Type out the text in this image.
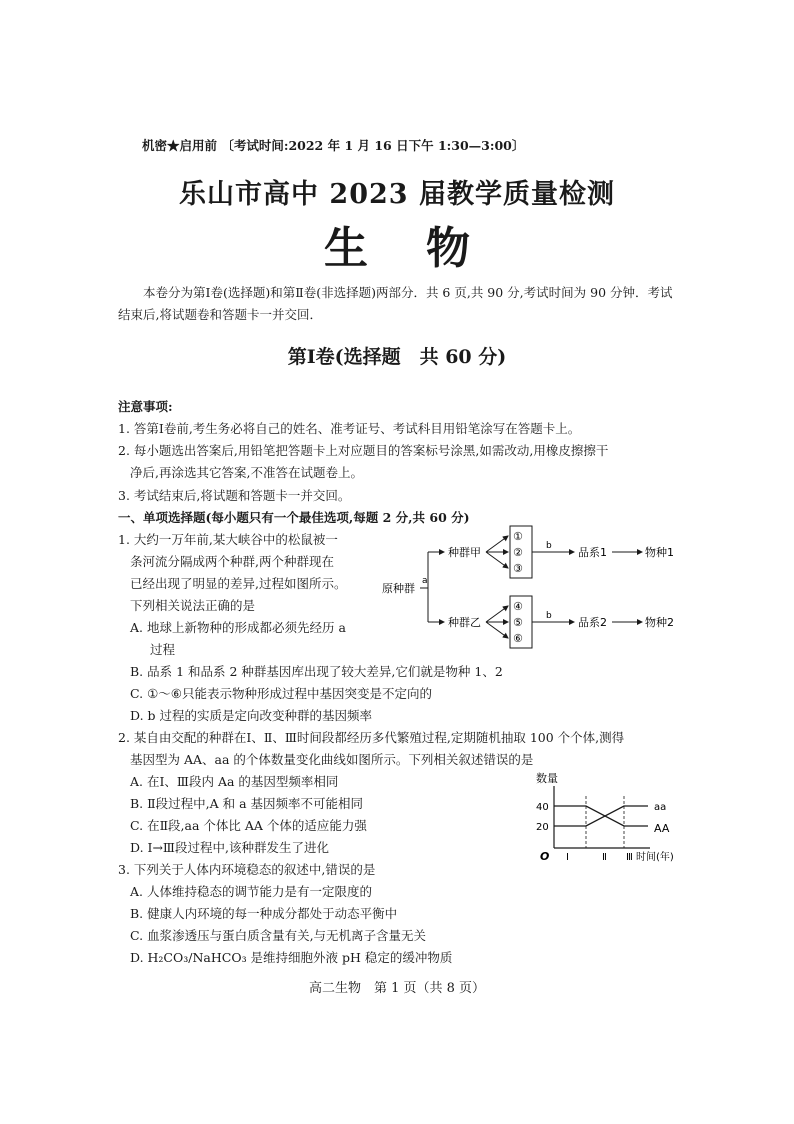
机密★启用前 〔考试时间:2022 年 1 月 16 日下午 1:30—3:00〕
乐山市高中 2023 届教学质量检测
生物
本卷分为第Ⅰ卷(选择题)和第Ⅱ卷(非选择题)两部分．共 6 页,共 90 分,考试时间为 90 分钟．考试结束后,将试题卷和答题卡一并交回．
第Ⅰ卷(选择题　共 60 分)
注意事项:
1. 答第Ⅰ卷前,考生务必将自己的姓名、准考证号、考试科目用铅笔涂写在答题卡上。
2. 每小题选出答案后,用铅笔把答题卡上对应题目的答案标号涂黑,如需改动,用橡皮擦擦干
净后,再涂选其它答案,不准答在试题卷上。
3. 考试结束后,将试题和答题卡一并交回。
一、单项选择题(每小题只有一个最佳选项,每题 2 分,共 60 分)
1. 大约一万年前,某大峡谷中的松鼠被一
条河流分隔成两个种群,两个种群现在
已经出现了明显的差异,过程如图所示。
下列相关说法正确的是
A. 地球上新物种的形成都必须先经历 a
过程
B. 品系 1 和品系 2 种群基因库出现了较大差异,它们就是物种 1、2
C. ①～⑥只能表示物种形成过程中基因突变是不定向的
D. b 过程的实质是定向改变种群的基因频率
原种群
a
种群甲
种群乙
①
②
③
④
⑤
⑥
b
b
品系1
品系2
物种1
物种2
2. 某自由交配的种群在Ⅰ、Ⅱ、Ⅲ时间段都经历多代繁殖过程,定期随机抽取 100 个个体,测得
基因型为 AA、aa 的个体数量变化曲线如图所示。下列相关叙述错误的是
A. 在Ⅰ、Ⅲ段内 Aa 的基因型频率相同
B. Ⅱ段过程中,A 和 a 基因频率不可能相同
C. 在Ⅱ段,aa 个体比 AA 个体的适应能力强
D. Ⅰ→Ⅲ段过程中,该种群发生了进化
数量
40
20
O Ⅰ	Ⅱ Ⅲ 时间(年)
aa
AA
3. 下列关于人体内环境稳态的叙述中,错误的是
A. 人体维持稳态的调节能力是有一定限度的
B. 健康人内环境的每一种成分都处于动态平衡中
C. 血浆渗透压与蛋白质含量有关,与无机离子含量无关
D. H₂CO₃/NaHCO₃ 是维持细胞外液 pH 稳定的缓冲物质
高二生物　第 1 页（共 8 页）
